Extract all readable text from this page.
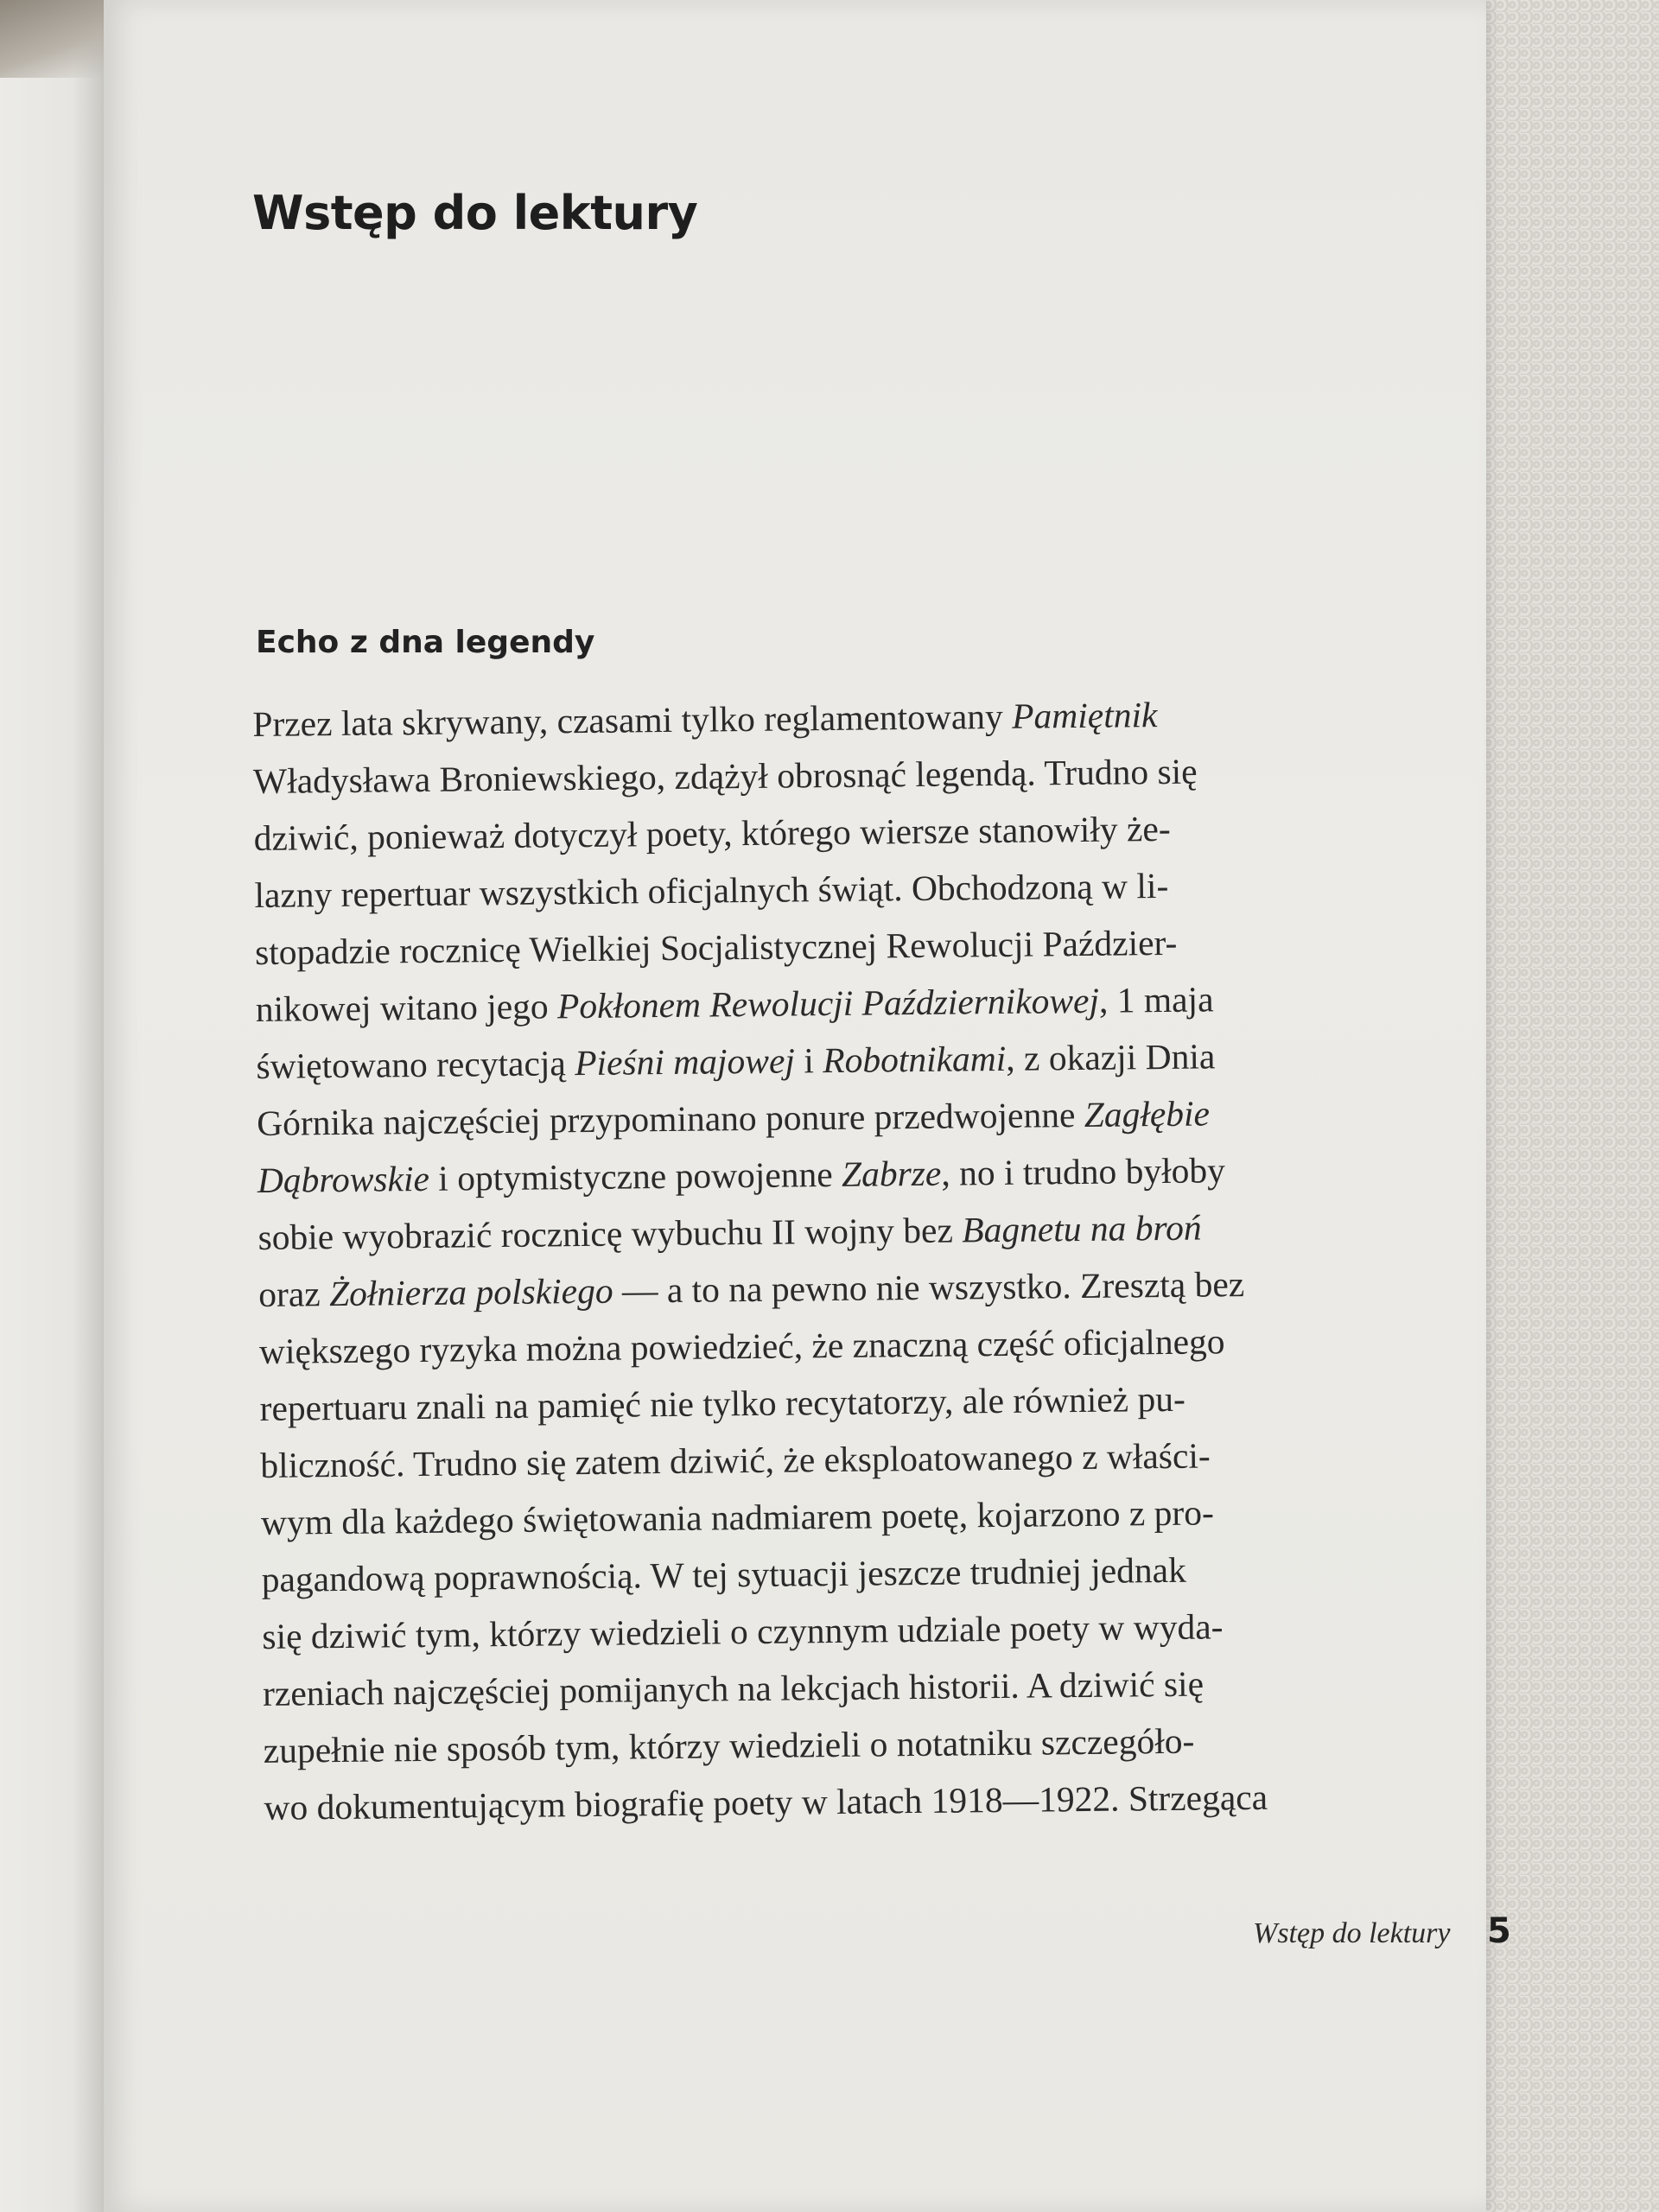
Wstęp do lektury
Echo z dna legendy
Przez lata skrywany, czasami tylko reglamentowany Pamiętnik
Władysława Broniewskiego, zdążył obrosnąć legendą. Trudno się
dziwić, ponieważ dotyczył poety, którego wiersze stanowiły że-
lazny repertuar wszystkich oficjalnych świąt. Obchodzoną w li-
stopadzie rocznicę Wielkiej Socjalistycznej Rewolucji Paździer-
nikowej witano jego Pokłonem Rewolucji Październikowej, 1 maja
świętowano recytacją Pieśni majowej i Robotnikami, z okazji Dnia
Górnika najczęściej przypominano ponure przedwojenne Zagłębie
Dąbrowskie i optymistyczne powojenne Zabrze, no i trudno byłoby
sobie wyobrazić rocznicę wybuchu II wojny bez Bagnetu na broń
oraz Żołnierza polskiego — a to na pewno nie wszystko. Zresztą bez
większego ryzyka można powiedzieć, że znaczną część oficjalnego
repertuaru znali na pamięć nie tylko recytatorzy, ale również pu-
bliczność. Trudno się zatem dziwić, że eksploatowanego z właści-
wym dla każdego świętowania nadmiarem poetę, kojarzono z pro-
pagandową poprawnością. W tej sytuacji jeszcze trudniej jednak
się dziwić tym, którzy wiedzieli o czynnym udziale poety w wyda-
rzeniach najczęściej pomijanych na lekcjach historii. A dziwić się
zupełnie nie sposób tym, którzy wiedzieli o notatniku szczegóło-
wo dokumentującym biografię poety w latach 1918—1922. Strzegąca
Wstęp do lektury 5
